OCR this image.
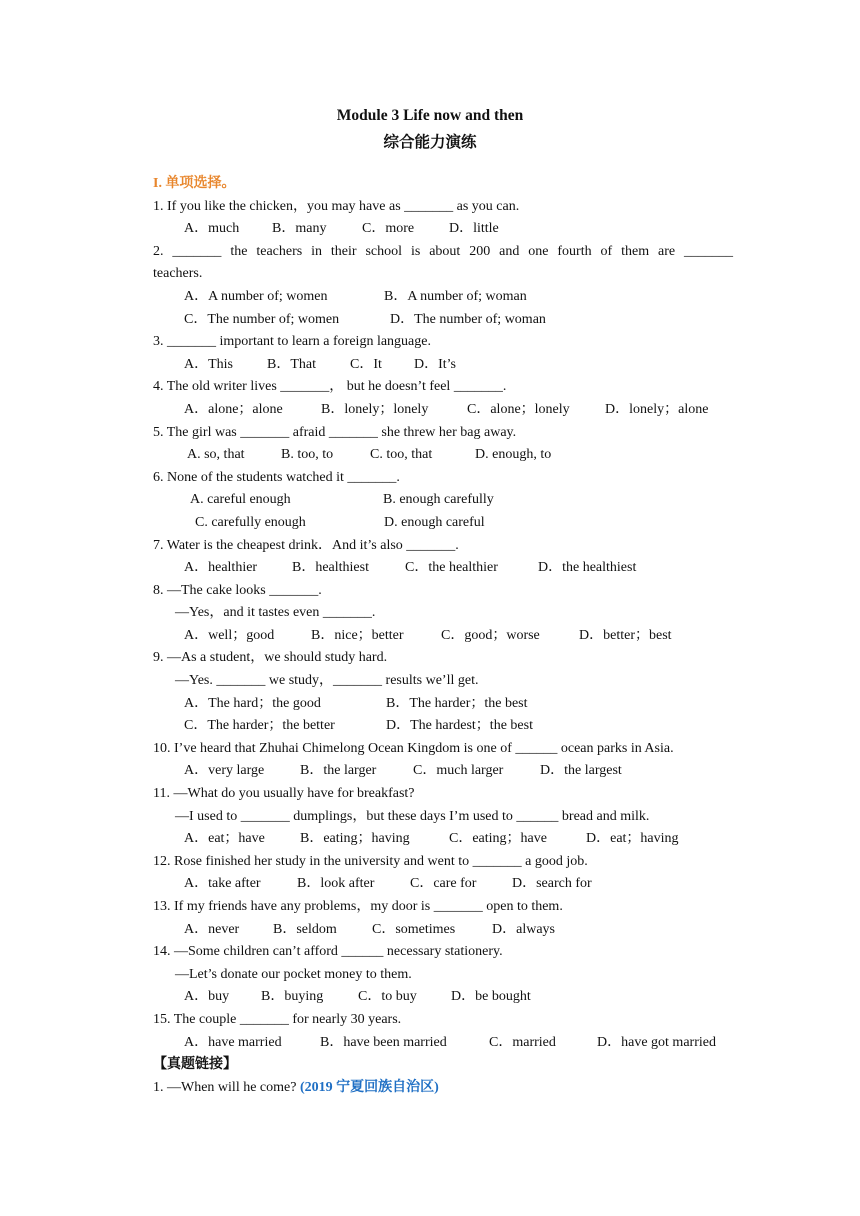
Module 3 Life now and then
综合能力演练
I. 单项选择。
1. If you like the chicken，you may have as _______ as you can.
A．much	B．many	C．more	D．little
2. _______ the teachers in their school is about 200 and one fourth of them are _______
teachers.
A．A number of; women	B．A number of; woman
C．The number of; women	D．The number of; woman
3. _______ important to learn a foreign language.
A．This	B．That	C．It	D．It’s
4. The old writer lives _______， but he doesn’t feel _______.
A．alone；alone	B．lonely；lonely	C．alone；lonely	D．lonely；alone
5. The girl was _______ afraid _______ she threw her bag away.
A. so, that	B. too, to	C. too, that	D. enough, to
6. None of the students watched it _______.
A. careful enough	B. enough carefully
C. carefully enough	D. enough careful
7. Water is the cheapest drink．And it’s also _______.
A．healthier	B．healthiest	C．the healthier	D．the healthiest
8. —The cake looks _______.
—Yes，and it tastes even _______.
A．well；good	B．nice；better	C．good；worse	D．better；best
9. —As a student，we should study hard.
—Yes. _______ we study，_______ results we’ll get.
A．The hard；the good	B．The harder；the best
C．The harder；the better	D．The hardest；the best
10. I’ve heard that Zhuhai Chimelong Ocean Kingdom is one of ______ ocean parks in Asia.
A．very large	B．the larger	C．much larger	D．the largest
11. —What do you usually have for breakfast?
—I used to _______ dumplings，but these days I’m used to ______ bread and milk.
A．eat；have	B．eating；having	C．eating；have	D．eat；having
12. Rose finished her study in the university and went to _______ a good job.
A．take after	B．look after	C．care for	D．search for
13. If my friends have any problems，my door is _______ open to them.
A．never	B．seldom	C．sometimes	D．always
14. —Some children can’t afford ______ necessary stationery.
—Let’s donate our pocket money to them.
A．buy	B．buying	C．to buy	D．be bought
15. The couple _______ for nearly 30 years.
A．have married	B．have been married	C．married	D．have got married
【真题链接】
1. —When will he come? (2019 宁夏回族自治区)
